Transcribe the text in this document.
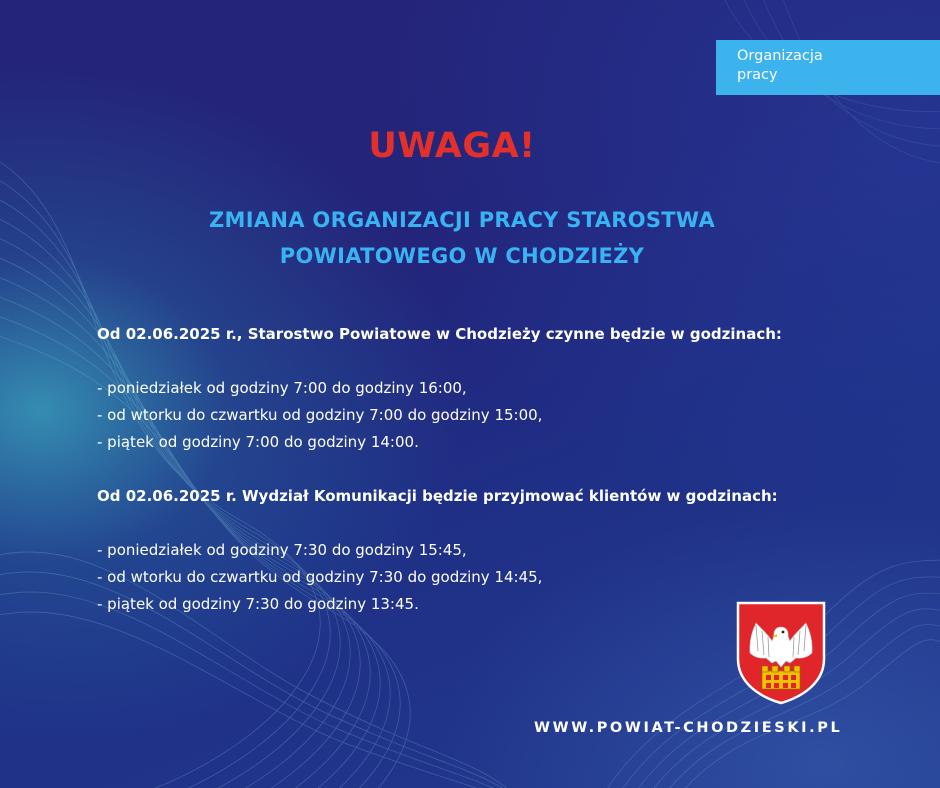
Organizacja
pracy
UWAGA!
ZMIANA ORGANIZACJI PRACY STAROSTWA
POWIATOWEGO W CHODZIEŻY
Od 02.06.2025 r., Starostwo Powiatowe w Chodzieży czynne będzie w godzinach:
- poniedziałek od godziny 7:00 do godziny 16:00,
- od wtorku do czwartku od godziny 7:00 do godziny 15:00,
- piątek od godziny 7:00 do godziny 14:00.
Od 02.06.2025 r. Wydział Komunikacji będzie przyjmować klientów w godzinach:
- poniedziałek od godziny 7:30 do godziny 15:45,
- od wtorku do czwartku od godziny 7:30 do godziny 14:45,
- piątek od godziny 7:30 do godziny 13:45.
WWW.POWIAT-CHODZIESKI.PL
